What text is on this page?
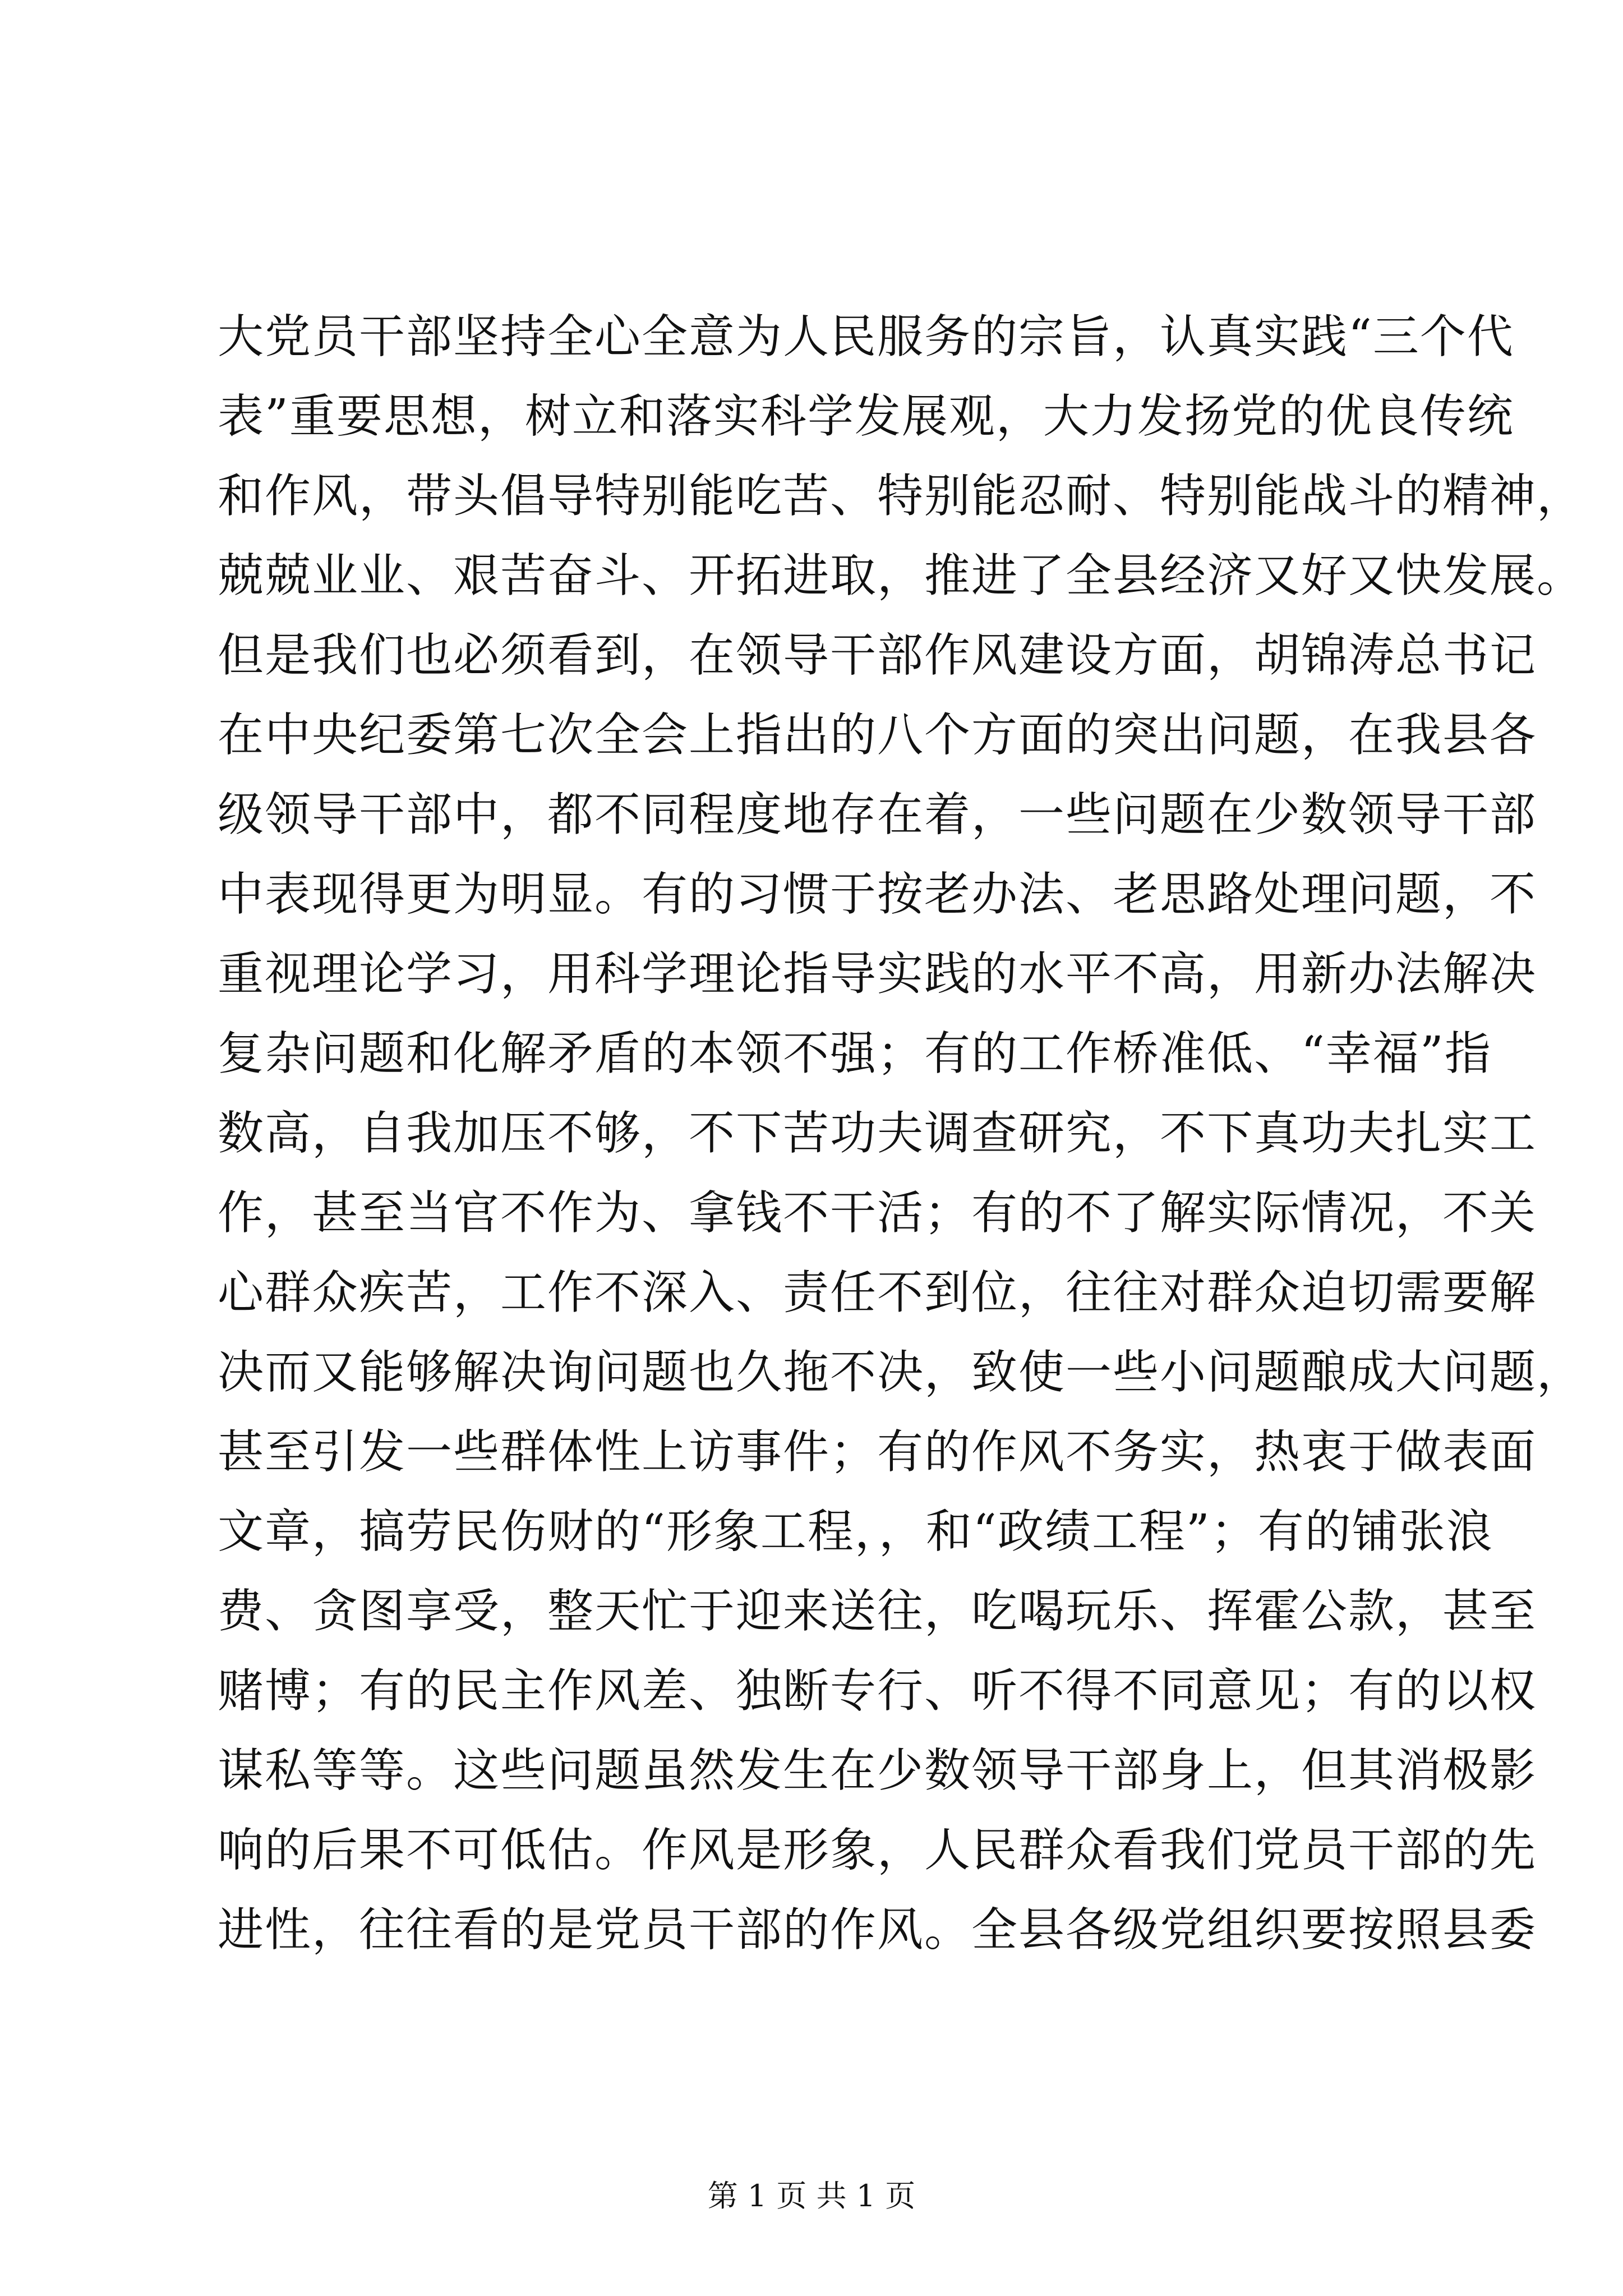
大党员干部坚持全心全意为人民服务的宗旨，认真实践“三个代
表”重要思想，树立和落实科学发展观，大力发扬党的优良传统
和作风，带头倡导特别能吃苦、特别能忍耐、特别能战斗的精神，
兢兢业业、艰苦奋斗、开拓进取，推进了全县经济又好又快发展。
但是我们也必须看到，在领导干部作风建设方面，胡锦涛总书记
在中央纪委第七次全会上指出的八个方面的突出问题，在我县各
级领导干部中，都不同程度地存在着，一些问题在少数领导干部
中表现得更为明显。有的习惯于按老办法、老思路处理问题，不
重视理论学习，用科学理论指导实践的水平不高，用新办法解决
复杂问题和化解矛盾的本领不强；有的工作桥准低、“幸福”指
数高，自我加压不够，不下苦功夫调查研究，不下真功夫扎实工
作，甚至当官不作为、拿钱不干活；有的不了解实际情况，不关
心群众疾苦，工作不深入、责任不到位，往往对群众迫切需要解
决而又能够解决询问题也久拖不决，致使一些小问题酿成大问题，
甚至引发一些群体性上访事件；有的作风不务实，热衷于做表面
文章，搞劳民伤财的“形象工程，，和“政绩工程”；有的铺张浪
费、贪图享受，整天忙于迎来送往，吃喝玩乐、挥霍公款，甚至
赌博；有的民主作风差、独断专行、听不得不同意见；有的以权
谋私等等。这些问题虽然发生在少数领导干部身上，但其消极影
响的后果不可低估。作风是形象，人民群众看我们党员干部的先
进性，往往看的是党员干部的作风。全县各级党组织要按照县委
第 1 页 共 1 页
